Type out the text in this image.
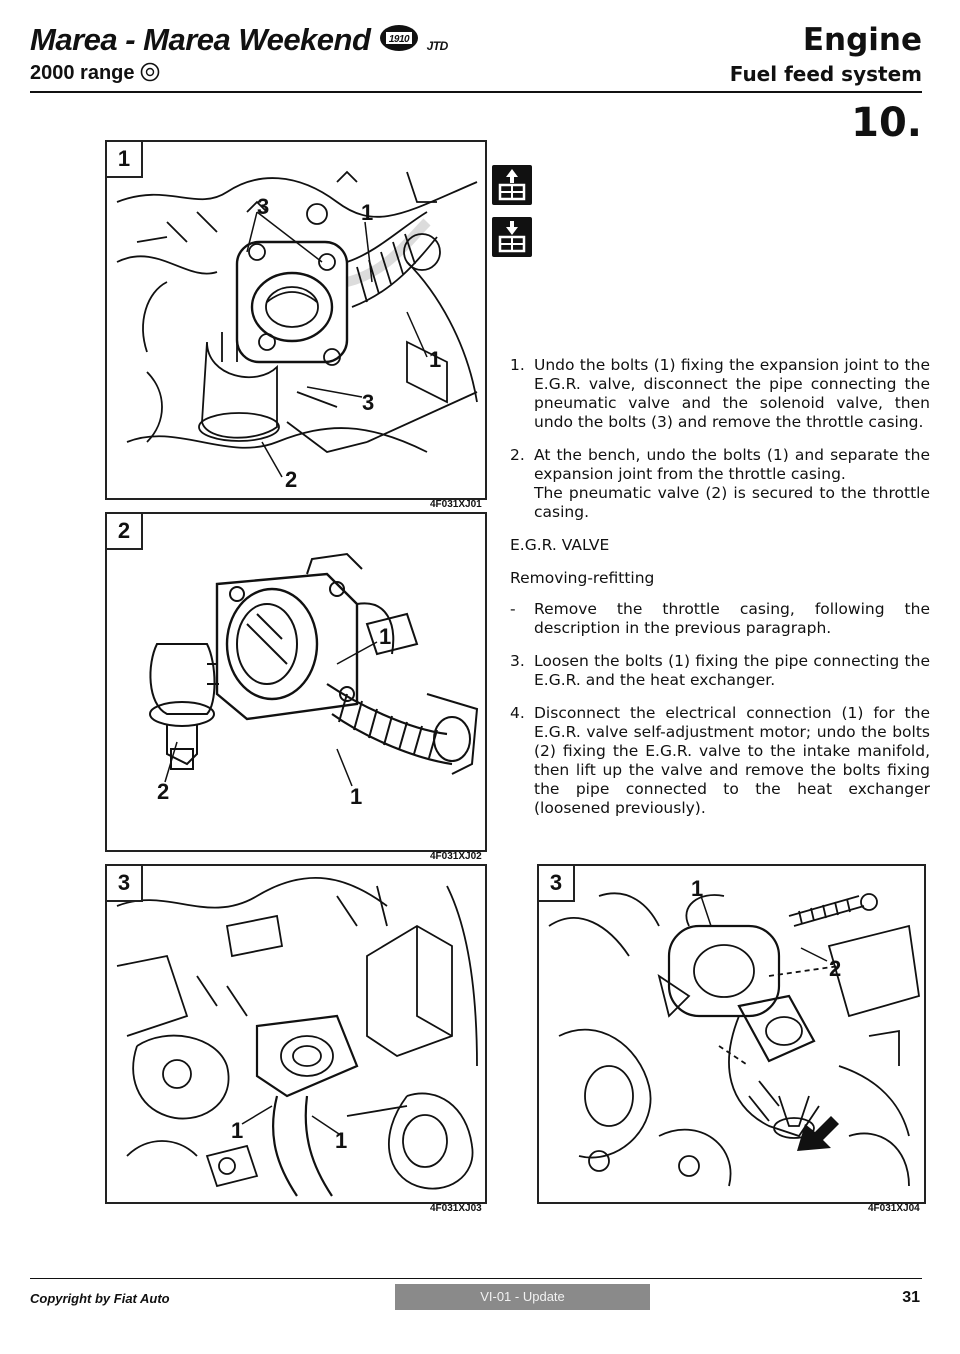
Marea - Marea Weekend 1910 JTD
2000 range
Engine
Fuel feed system
10.
3	1
1
3
2
1
4F031XJ01
1
2	1
2
4F031XJ02
1	1
3
4F031XJ03
1
2
3
4F031XJ04
1. Undo the bolts (1) fixing the expansion joint to the E.G.R. valve, disconnect the pipe connecting the pneumatic valve and the solenoid valve, then undo the bolts (3) and remove the throttle casing.

2. At the bench, undo the bolts (1) and separate the expansion joint from the throttle casing.

The pneumatic valve (2) is secured to the throttle casing.

E.G.R. VALVE
Removing-refitting
- Remove the throttle casing, following the description in the previous paragraph.

3. Loosen the bolts (1) fixing the pipe connecting the E.G.R. and the heat exchanger.

4. Disconnect the electrical connection (1) for the E.G.R. valve self-adjustment motor; undo the bolts (2) fixing the E.G.R. valve to the intake manifold, then lift up the valve and remove the bolts fixing the pipe connected to the heat exchanger (loosened previously).

Copyright by Fiat Auto	VI-01 - Update	31
